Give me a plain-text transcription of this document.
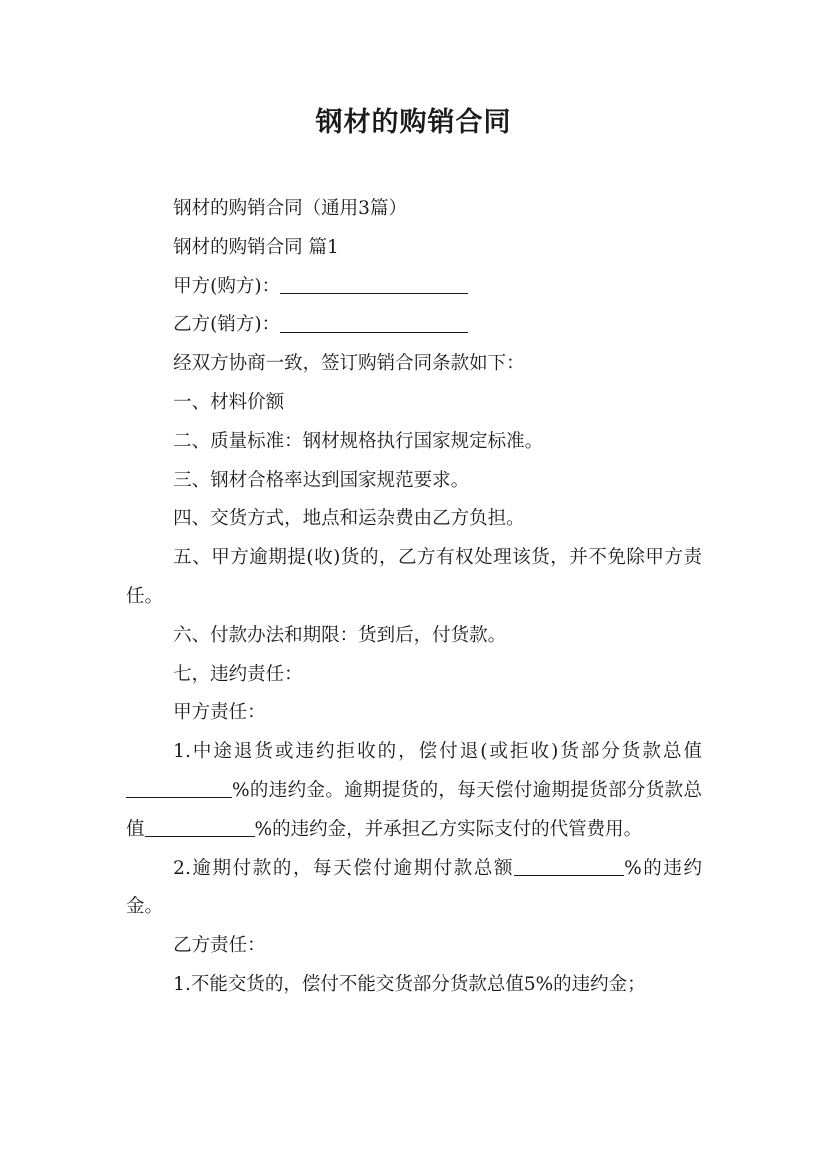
钢材的购销合同

钢材的购销合同（通用3篇）

钢材的购销合同 篇1

甲方(购方)：

乙方(销方)：

经双方协商一致，签订购销合同条款如下：

一、材料价额

二、质量标准：钢材规格执行国家规定标准。

三、钢材合格率达到国家规范要求。

四、交货方式，地点和运杂费由乙方负担。

五、甲方逾期提(收)货的，乙方有权处理该货，并不免除甲方责任。

六、付款办法和期限：货到后，付货款。

七，违约责任：

甲方责任：

1.中途退货或违约拒收的，偿付退(或拒收)货部分货款总值%的违约金。逾期提货的，每天偿付逾期提货部分货款总值	%的违约金，并承担乙方实际支付的代管费用。

2.逾期付款的，每天偿付逾期付款总额	%的违约金。

乙方责任：

1.不能交货的，偿付不能交货部分货款总值5%的违约金；
